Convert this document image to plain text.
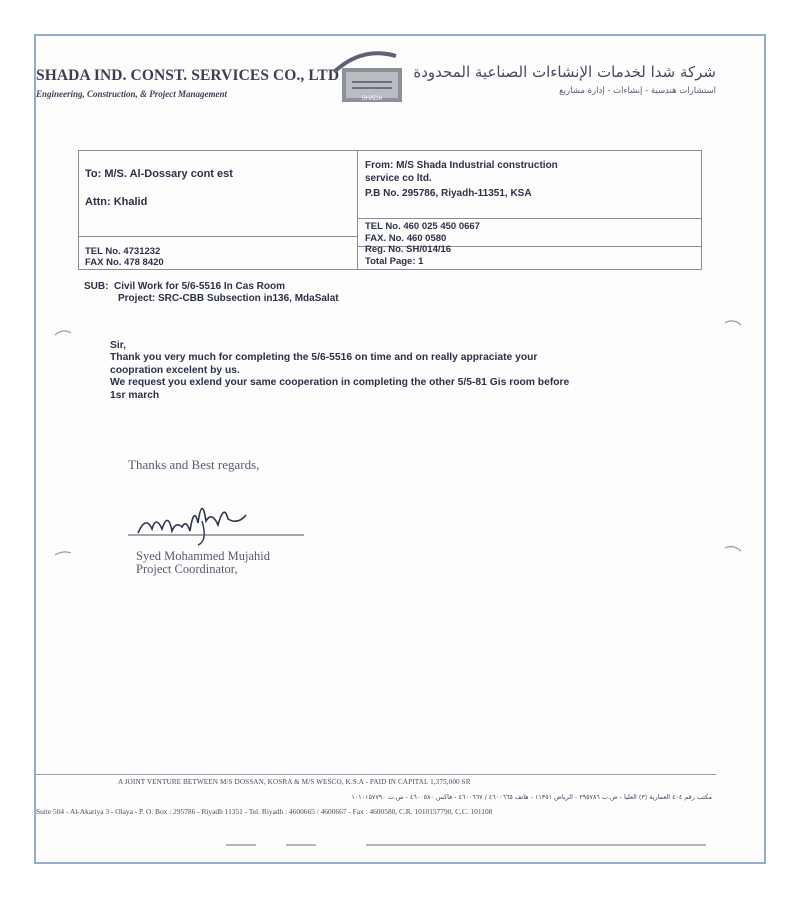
SHADA IND. CONST. SERVICES CO., LTD
Engineering, Construction, & Project Management	SHADA
شركة شدا لخدمات الإنشاءات الصناعية المحدودة
استشارات هندسية - إنشاءات - إدارة مشاريع
To: M/S. Al-Dossary cont est
Attn: Khalid
TEL No. 4731232
FAX No. 478 8420
From: M/S Shada Industrial construction
service co ltd.
P.B No. 295786, Riyadh-11351, KSA
TEL No. 460 025 450 0667
FAX. No. 460 0580
Reg. No. SH/014/16
Total Page: 1
SUB: Civil Work for 5/6-5516 In Cas Room
Project: SRC-CBB Subsection in136, MdaSalat
Sir,
Thank you very much for completing the 5/6-5516 on time and on really appraciate your
coopration excelent by us.
We request you exlend your same cooperation in completing the other 5/5-81 Gis room before
1sr march
Thanks and Best regards,
Syed Mohammed Mujahid
Project Coordinator,
A JOINT VENTURE BETWEEN M/S DOSSAN, KOSRA & M/S WESCO, K.S.A - PAID IN CAPITAL 1,375,000 SR
مكتب رقم ٤٠٤ العمارية (٣) العليا - ص.ب ٢٩٥٧٨٦ - الرياض ١١٣٥١ - هاتف ٤٦٠٠٦٦٥ / ٤٦٠٠٦٦٧ - فاكس ٤٦٠٠٥٨٠ - س.ت ١٠١٠١٥٧٧٩٠
Suite 504 - Al-Akariya 3 - Olaya - P. O. Box : 295786 - Riyadh 11351 - Tel. Riyadh : 4600665 / 4600667 - Fax : 4600580, C.R. 1010157790, C.C. 101108
